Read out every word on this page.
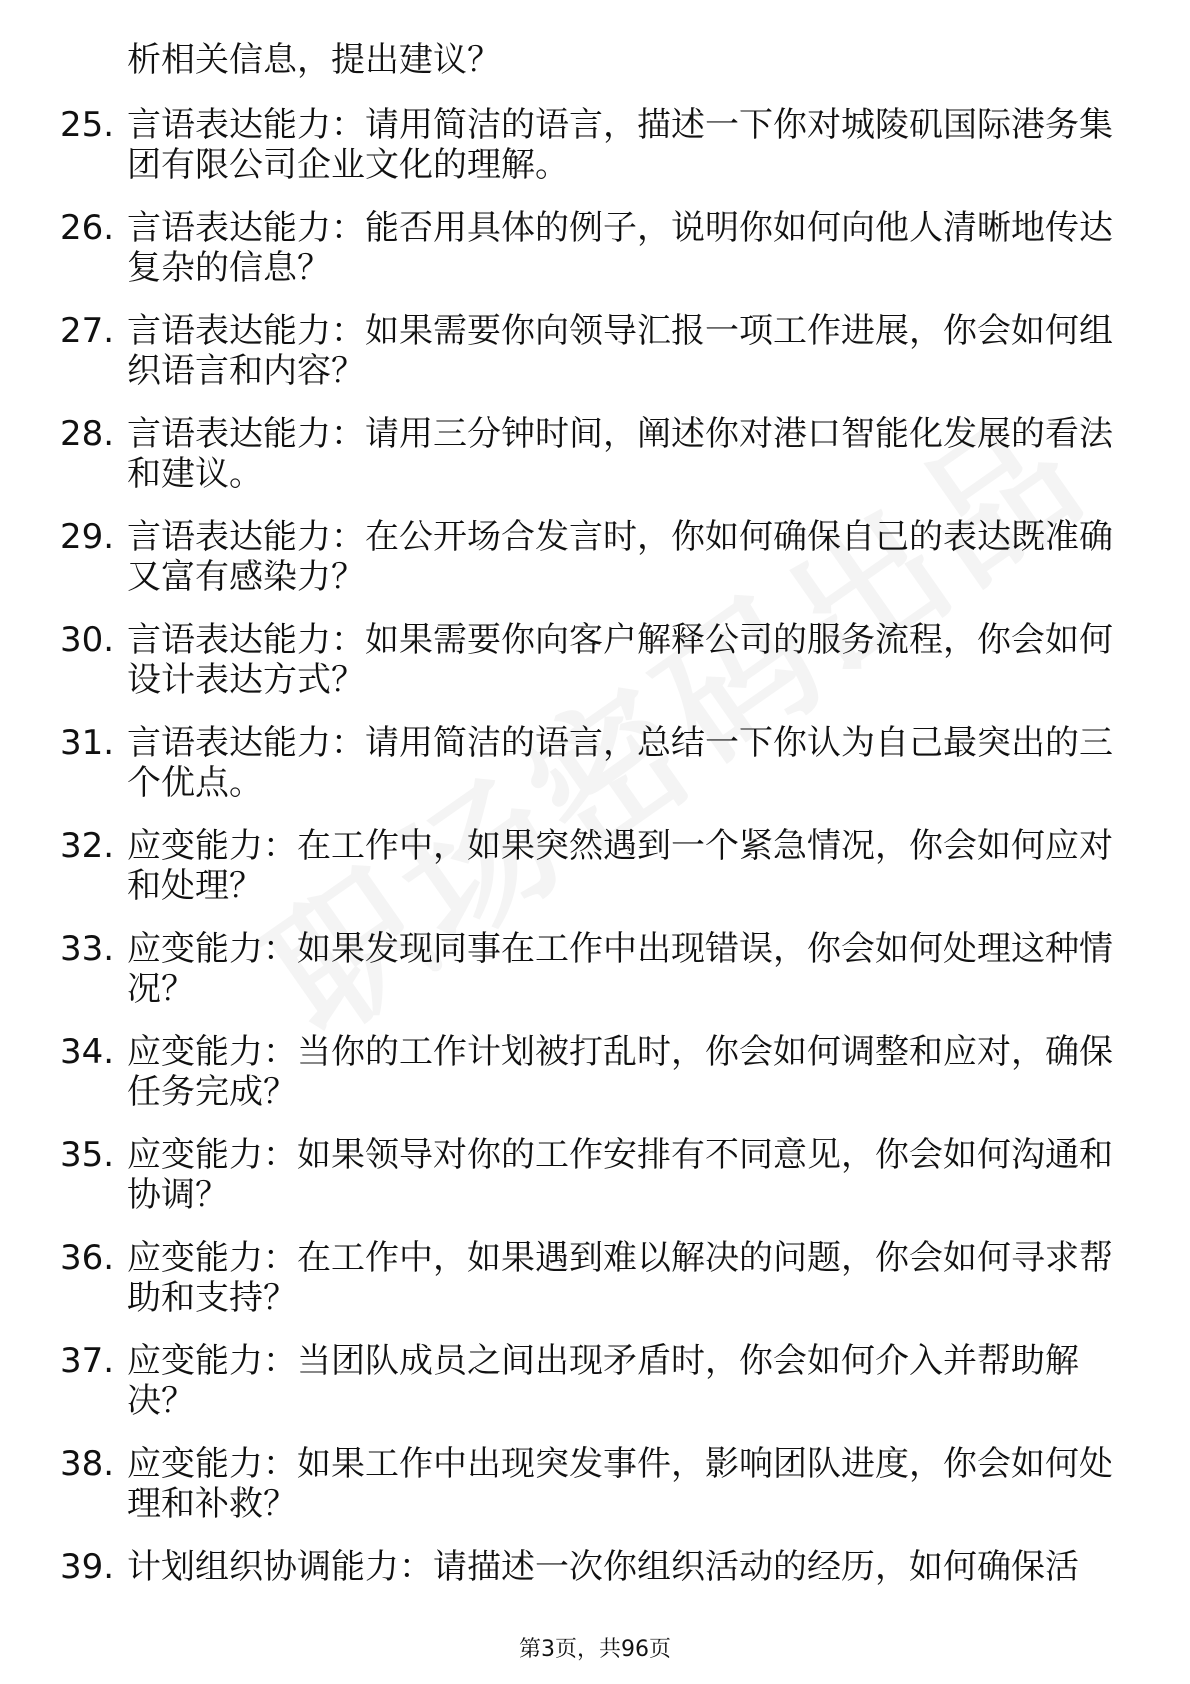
析相关信息，提出建议？
25. 言语表达能力：请用简洁的语言，描述一下你对城陵矶国际港务集团有限公司企业文化的理解。
26. 言语表达能力：能否用具体的例子，说明你如何向他人清晰地传达复杂的信息？
27. 言语表达能力：如果需要你向领导汇报一项工作进展，你会如何组织语言和内容？
28. 言语表达能力：请用三分钟时间，阐述你对港口智能化发展的看法和建议。
29. 言语表达能力：在公开场合发言时，你如何确保自己的表达既准确又富有感染力？
30. 言语表达能力：如果需要你向客户解释公司的服务流程，你会如何设计表达方式？
31. 言语表达能力：请用简洁的语言，总结一下你认为自己最突出的三个优点。
32. 应变能力：在工作中，如果突然遇到一个紧急情况，你会如何应对和处理？
33. 应变能力：如果发现同事在工作中出现错误，你会如何处理这种情况？
34. 应变能力：当你的工作计划被打乱时，你会如何调整和应对，确保任务完成？
35. 应变能力：如果领导对你的工作安排有不同意见，你会如何沟通和协调？
36. 应变能力：在工作中，如果遇到难以解决的问题，你会如何寻求帮助和支持？
37. 应变能力：当团队成员之间出现矛盾时，你会如何介入并帮助解决？
38. 应变能力：如果工作中出现突发事件，影响团队进度，你会如何处理和补救？
39. 计划组织协调能力：请描述一次你组织活动的经历，如何确保活
第3页，共96页
